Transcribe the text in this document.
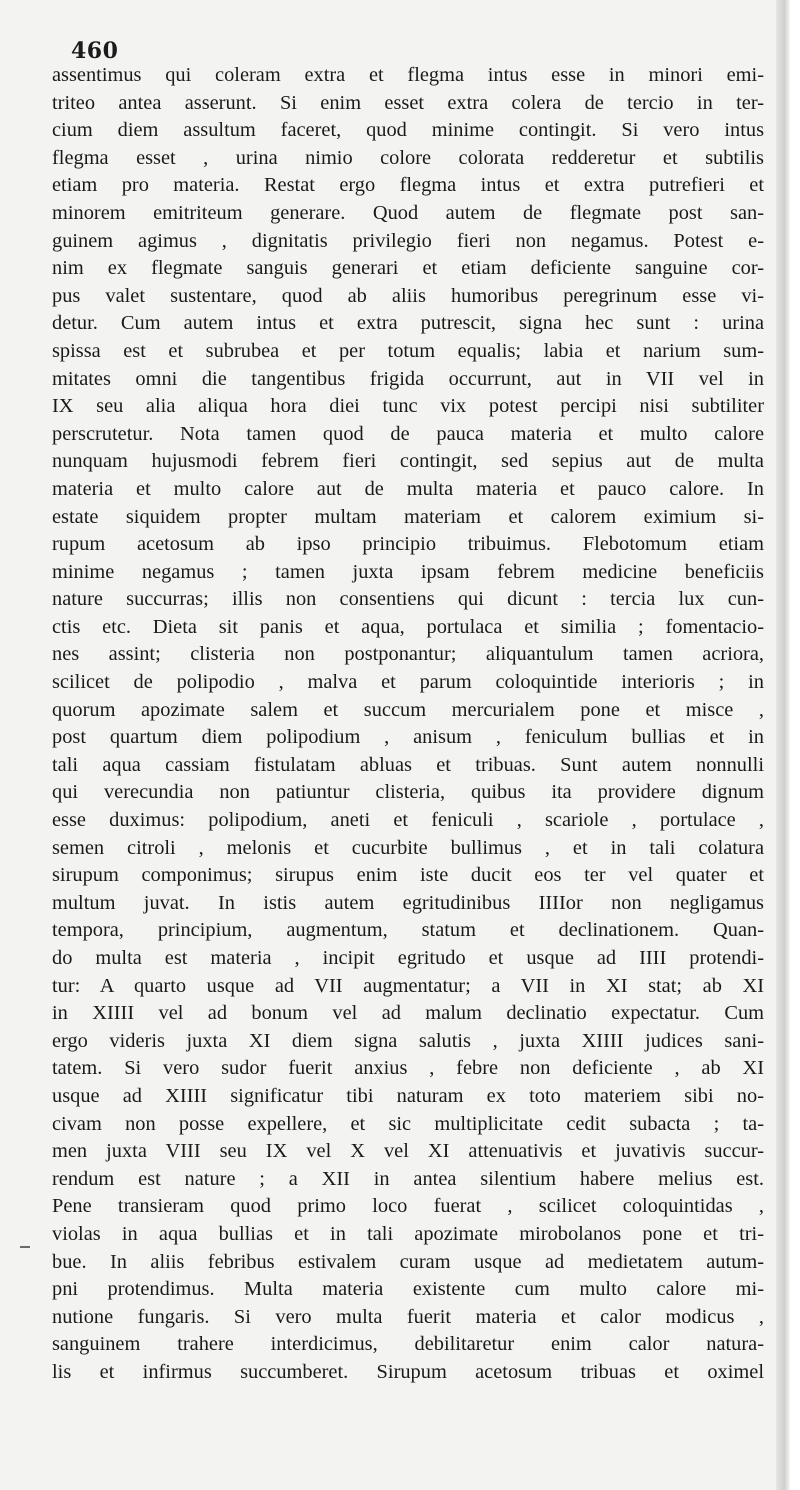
460
assentimus qui coleram extra et flegma intus esse in minori emi-
triteo antea asserunt. Si enim esset extra colera de tercio in ter-
cium diem assultum faceret, quod minime contingit. Si vero intus
flegma esset , urina nimio colore colorata redderetur et subtilis
etiam pro materia. Restat ergo flegma intus et extra putrefieri et
minorem emitriteum generare. Quod autem de flegmate post san-
guinem agimus , dignitatis privilegio fieri non negamus. Potest e-
nim ex flegmate sanguis generari et etiam deficiente sanguine cor-
pus valet sustentare, quod ab aliis humoribus peregrinum esse vi-
detur. Cum autem intus et extra putrescit, signa hec sunt : urina
spissa est et subrubea et per totum equalis; labia et narium sum-
mitates omni die tangentibus frigida occurrunt, aut in VII vel in
IX seu alia aliqua hora diei tunc vix potest percipi nisi subtiliter
perscrutetur. Nota tamen quod de pauca materia et multo calore
nunquam hujusmodi febrem fieri contingit, sed sepius aut de multa
materia et multo calore aut de multa materia et pauco calore. In
estate siquidem propter multam materiam et calorem eximium si-
rupum acetosum ab ipso principio tribuimus. Flebotomum etiam
minime negamus ; tamen juxta ipsam febrem medicine beneficiis
nature succurras; illis non consentiens qui dicunt : tercia lux cun-
ctis etc. Dieta sit panis et aqua, portulaca et similia ; fomentacio-
nes assint; clisteria non postponantur; aliquantulum tamen acriora,
scilicet de polipodio , malva et parum coloquintide interioris ; in
quorum apozimate salem et succum mercurialem pone et misce ,
post quartum diem polipodium , anisum , feniculum bullias et in
tali aqua cassiam fistulatam abluas et tribuas. Sunt autem nonnulli
qui verecundia non patiuntur clisteria, quibus ita providere dignum
esse duximus: polipodium, aneti et feniculi , scariole , portulace ,
semen citroli , melonis et cucurbite bullimus , et in tali colatura
sirupum componimus; sirupus enim iste ducit eos ter vel quater et
multum juvat. In istis autem egritudinibus IIIIor non negligamus
tempora, principium, augmentum, statum et declinationem. Quan-
do multa est materia , incipit egritudo et usque ad IIII protendi-
tur: A quarto usque ad VII augmentatur; a VII in XI stat; ab XI
in XIIII vel ad bonum vel ad malum declinatio expectatur. Cum
ergo videris juxta XI diem signa salutis , juxta XIIII judices sani-
tatem. Si vero sudor fuerit anxius , febre non deficiente , ab XI
usque ad XIIII significatur tibi naturam ex toto materiem sibi no-
civam non posse expellere, et sic multiplicitate cedit subacta ; ta-
men juxta VIII seu IX vel X vel XI attenuativis et juvativis succur-
rendum est nature ; a XII in antea silentium habere melius est.
Pene transieram quod primo loco fuerat , scilicet coloquintidas ,
violas in aqua bullias et in tali apozimate mirobolanos pone et tri-
bue. In aliis febribus estivalem curam usque ad medietatem autum-
pni protendimus. Multa materia existente cum multo calore mi-
nutione fungaris. Si vero multa fuerit materia et calor modicus ,
sanguinem trahere interdicimus, debilitaretur enim calor natura-
lis et infirmus succumberet. Sirupum acetosum tribuas et oximel
